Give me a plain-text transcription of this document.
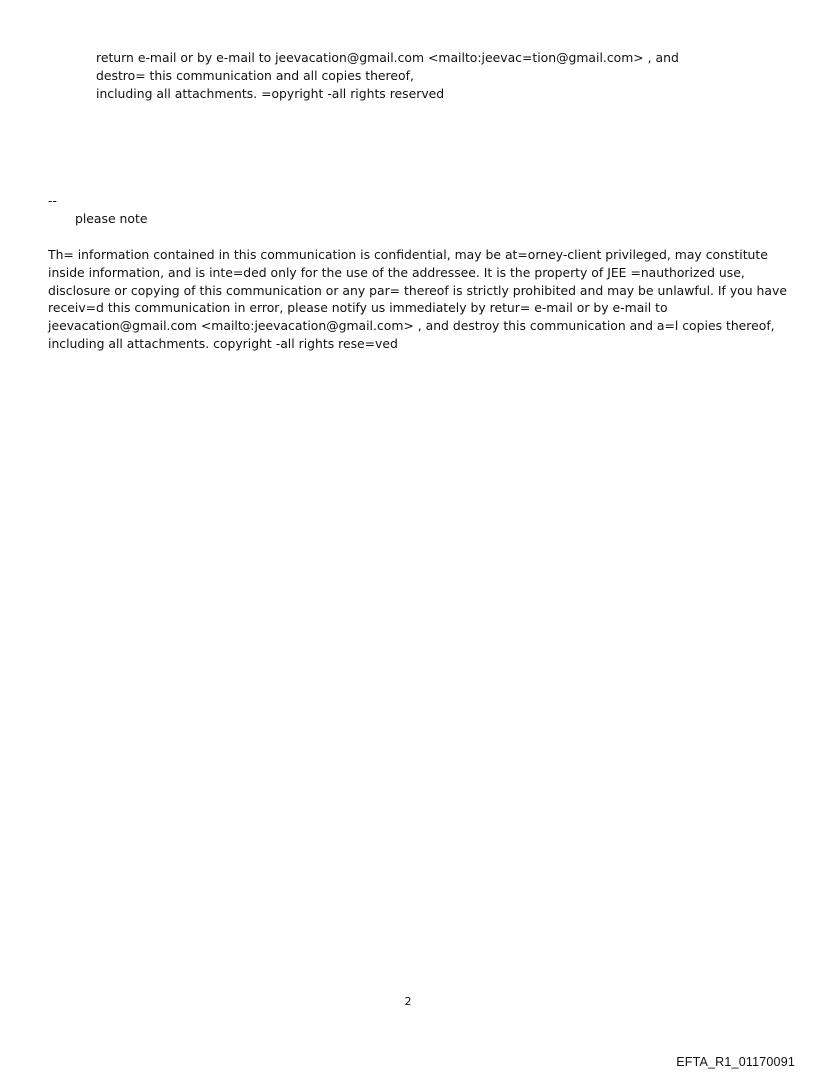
return e-mail or by e-mail to jeevacation@gmail.com <mailto:jeevac=tion@gmail.com> , and
destro= this communication and all copies thereof,
including all attachments. =opyright -all rights reserved
--
please note
Th= information contained in this communication is confidential, may be at=orney-client privileged, may constitute
inside information, and is inte=ded only for the use of the addressee. It is the property of JEE =nauthorized use,
disclosure or copying of this communication or any par= thereof is strictly prohibited and may be unlawful. If you have
receiv=d this communication in error, please notify us immediately by retur= e-mail or by e-mail to
jeevacation@gmail.com <mailto:jeevacation@gmail.com> , and destroy this communication and a=l copies thereof,
including all attachments. copyright -all rights rese=ved
2
EFTA_R1_01170091
